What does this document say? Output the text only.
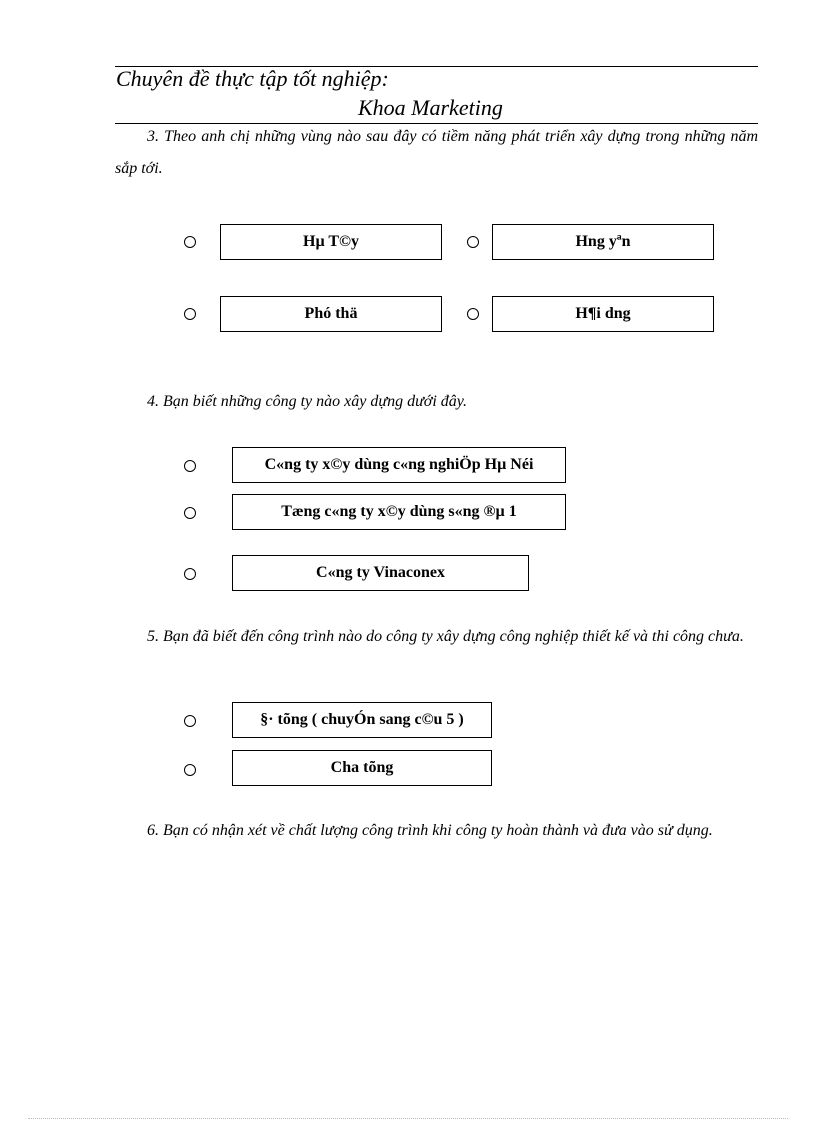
Chuyên đề thực tập tốt nghiệp:
Khoa Marketing
3. Theo anh chị những vùng nào sau đây có tiềm năng phát triển xây dựng trong những năm sắp tới.
Hµ T©y	Hng yªn
Phó thä	H¶i dng
4. Bạn biết những công ty nào xây dựng dưới đây.
C«ng ty x©y dùng c«ng nghiÖp Hµ Néi
Tæng c«ng ty x©y dùng s«ng ®µ 1
C«ng ty Vinaconex
5. Bạn đã biết đến công trình nào do công ty xây dựng công nghiệp thiết kế và thi công chưa.
§· tõng ( chuyÓn sang c©u 5 )
Cha tõng
6. Bạn có nhận xét về chất lượng công trình khi công ty hoàn thành và đưa vào sử dụng.
